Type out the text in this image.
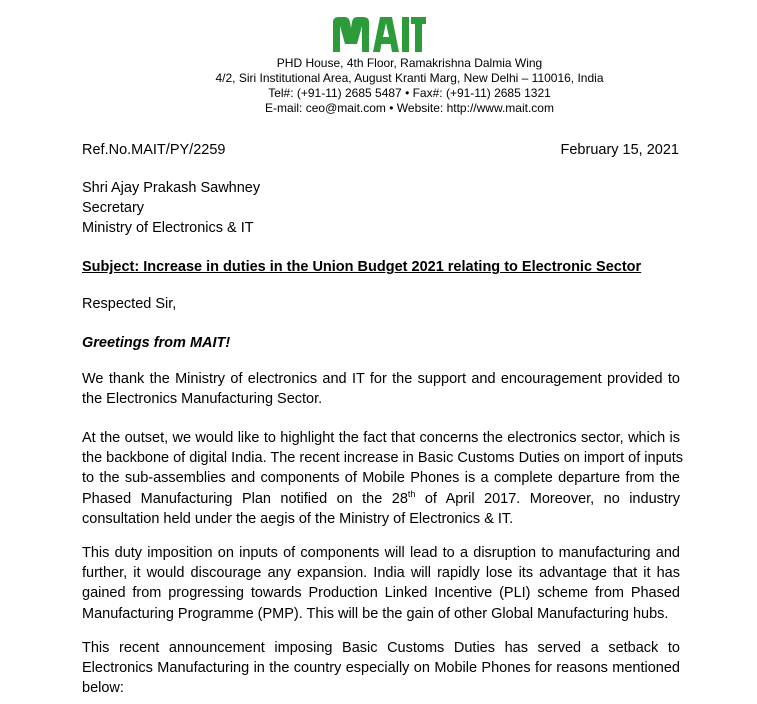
PHD House, 4th Floor, Ramakrishna Dalmia Wing
4/2, Siri Institutional Area, August Kranti Marg, New Delhi – 110016, India
Tel#: (+91-11) 2685 5487 • Fax#: (+91-11) 2685 1321
E-mail: ceo@mait.com • Website: http://www.mait.com
Ref.No.MAIT/PY/2259	February 15, 2021
Shri Ajay Prakash Sawhney
Secretary
Ministry of Electronics & IT
Subject: Increase in duties in the Union Budget 2021 relating to Electronic Sector
Respected Sir,
Greetings from MAIT!
We thank the Ministry of electronics and IT for the support and encouragement provided to
the Electronics Manufacturing Sector.
At the outset, we would like to highlight the fact that concerns the electronics sector, which is
the backbone of digital India. The recent increase in Basic Customs Duties on import of inputs
to the sub-assemblies and components of Mobile Phones is a complete departure from the
Phased Manufacturing Plan notified on the 28th of April 2017. Moreover, no industry
consultation held under the aegis of the Ministry of Electronics & IT.
This duty imposition on inputs of components will lead to a disruption to manufacturing and
further, it would discourage any expansion. India will rapidly lose its advantage that it has
gained from progressing towards Production Linked Incentive (PLI) scheme from Phased
Manufacturing Programme (PMP). This will be the gain of other Global Manufacturing hubs.
This recent announcement imposing Basic Customs Duties has served a setback to
Electronics Manufacturing in the country especially on Mobile Phones for reasons mentioned
below:
